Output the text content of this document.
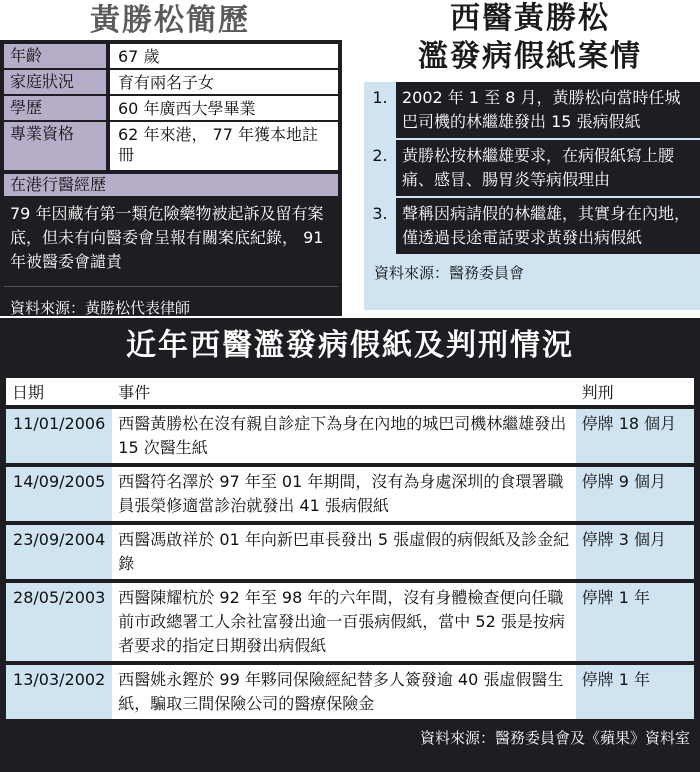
黃勝松簡歷
年齡	67 歲
家庭狀況	育有兩名子女
學歷	60 年廣西大學畢業
專業資格	62 年來港， 77 年獲本地註冊
在港行醫經歷
79 年因藏有第一類危險藥物被起訴及留有案底，但未有向醫委會呈報有關案底紀錄， 91 年被醫委會譴責
資料來源：黃勝松代表律師
西醫黃勝松
濫發病假紙案情
1. 2002 年 1 至 8 月，黃勝松向當時任城巴司機的林繼雄發出 15 張病假紙
2. 黃勝松按林繼雄要求，在病假紙寫上腰痛、感冒、腸胃炎等病假理由
3. 聲稱因病請假的林繼雄，其實身在內地，僅透過長途電話要求黃發出病假紙
資料來源：醫務委員會
近年西醫濫發病假紙及判刑情況
日期	事件	判刑
11/01/2006	西醫黃勝松在沒有親自診症下為身在內地的城巴司機林繼雄發出 15 次醫生紙	停牌 18 個月
14/09/2005	西醫符名澤於 97 年至 01 年期間，沒有為身處深圳的食環署職員張榮修適當診治就發出 41 張病假紙	停牌 9 個月
23/09/2004	西醫馮啟祥於 01 年向新巴車長發出 5 張虛假的病假紙及診金紀錄	停牌 3 個月
28/05/2003	西醫陳耀杭於 92 年至 98 年的六年間，沒有身體檢查便向任職前市政總署工人余社富發出逾一百張病假紙，當中 52 張是按病者要求的指定日期發出病假紙	停牌 1 年
13/03/2002	西醫姚永鏗於 99 年夥同保險經紀替多人簽發逾 40 張虛假醫生紙，騙取三間保險公司的醫療保險金	停牌 1 年
資料來源：醫務委員會及《蘋果》資料室
